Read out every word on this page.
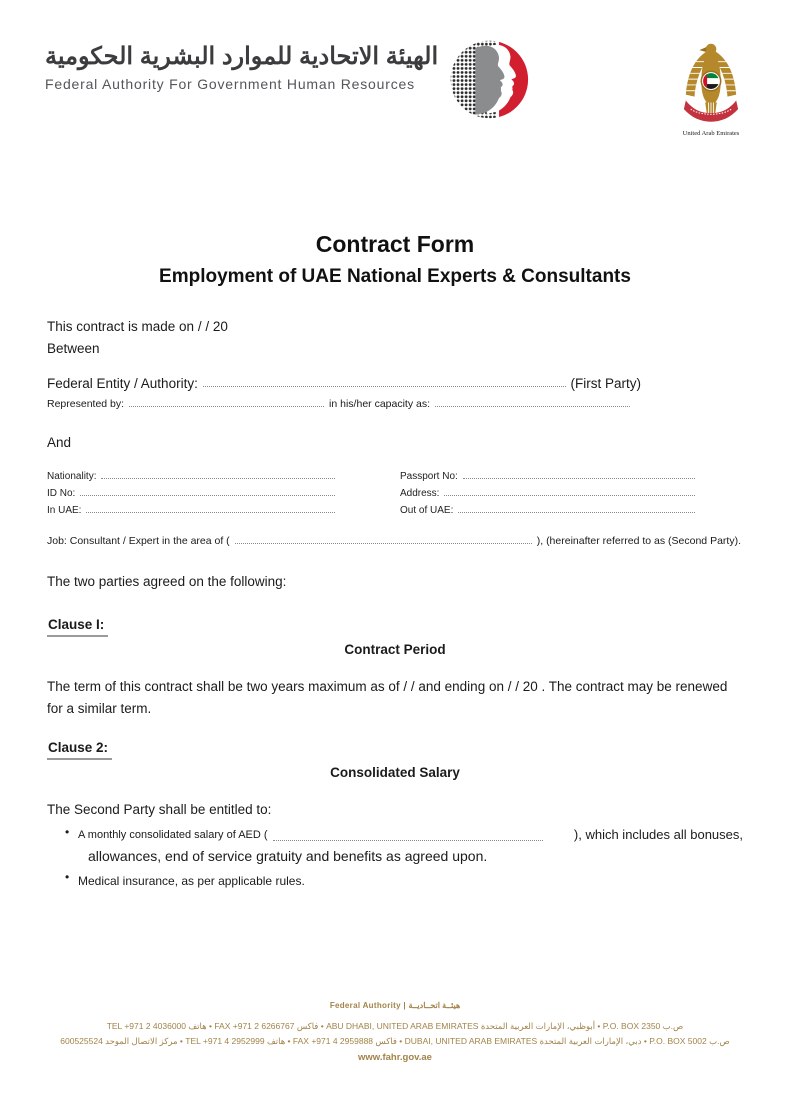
الهيئة الاتحادية للموارد البشرية الحكومية
Federal Authority For Government Human Resources
United Arab Emirates
Contract Form
Employment of UAE National Experts & Consultants
This contract is made on / / 20
Between
Federal Entity / Authority:	(First Party)
Represented by:	in his/her capacity as:
And
Nationality:	Passport No:
ID No:	Address:
In UAE:	Out of UAE:
Job: Consultant / Expert in the area of (	), (hereinafter referred to as (Second Party).
The two parties agreed on the following:
Clause I:
Contract Period
The term of this contract shall be two years maximum as of / / and ending on / / 20 . The contract may be renewed for a similar term.
Clause 2:
Consolidated Salary
The Second Party shall be entitled to:
• A monthly consolidated salary of AED (	), which includes all bonuses,
allowances, end of service gratuity and benefits as agreed upon.
• Medical insurance, as per applicable rules.
Federal Authority | هيئــة اتحــاديــة
ص.ب P.O. BOX 2350 • أبوظبي، الإمارات العربية المتحدة ABU DHABI, UNITED ARAB EMIRATES • فاكس FAX +971 2 6266767 • هاتف TEL +971 2 4036000
ص.ب P.O. BOX 5002 • دبي، الإمارات العربية المتحدة DUBAI, UNITED ARAB EMIRATES • فاكس FAX +971 4 2959888 • هاتف TEL +971 4 2952999 • مركز الاتصال الموحد 600525524
www.fahr.gov.ae
